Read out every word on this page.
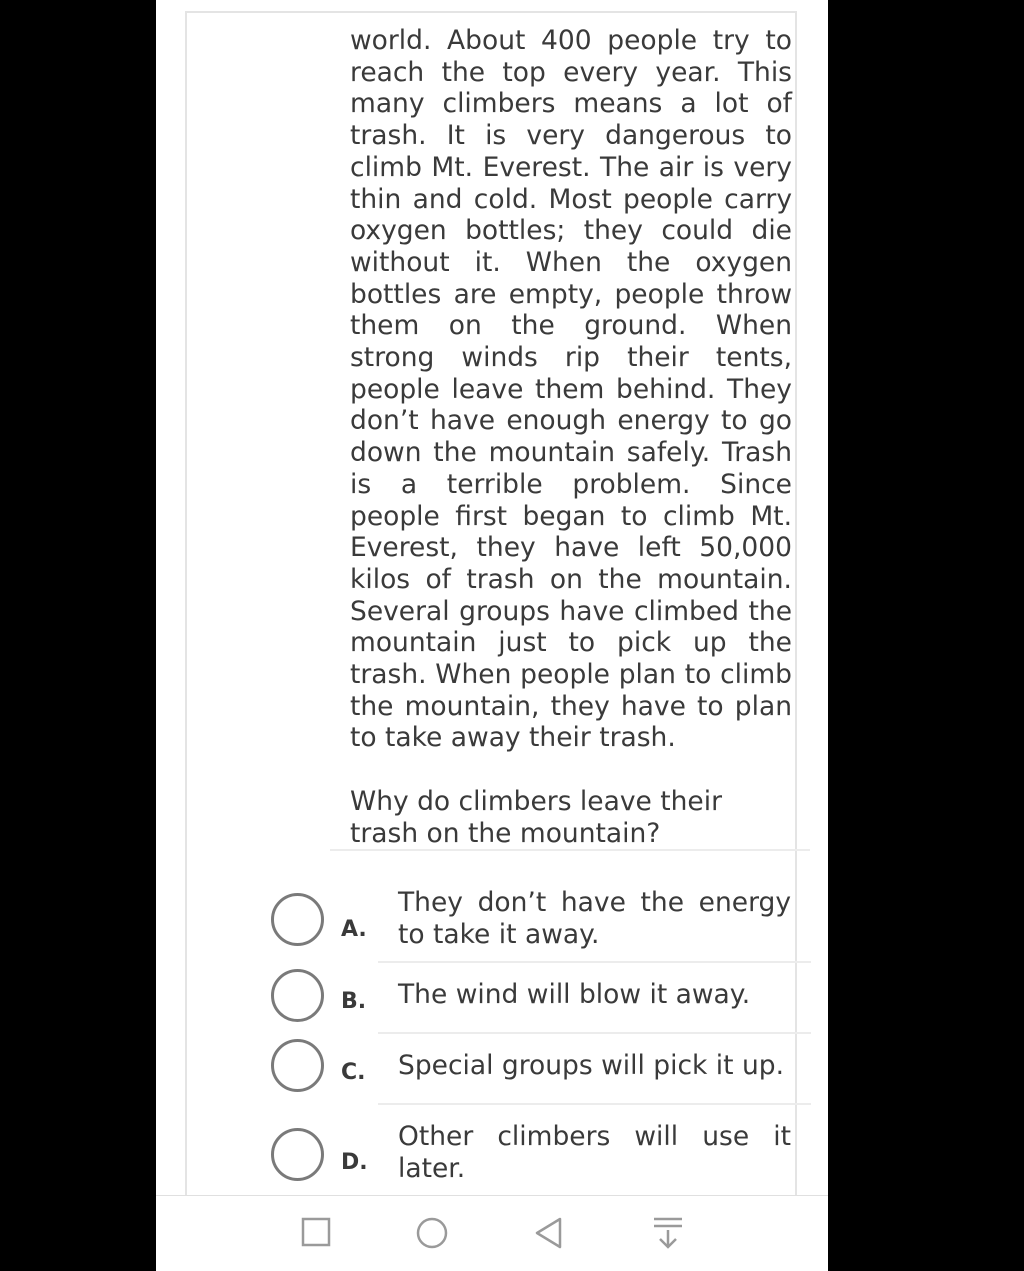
world. About 400 people try to reach the top every year. This many climbers means a lot of trash. It is very dangerous to climb Mt. Everest. The air is very thin and cold. Most people carry oxygen bottles; they could die without it. When the oxygen bottles are empty, people throw them on the ground. When strong winds rip their tents, people leave them behind. They don’t have enough energy to go down the mountain safely. Trash is a terrible problem. Since people first began to climb Mt. Everest, they have left 50,000 kilos of trash on the mountain. Several groups have climbed the mountain just to pick up the trash. When people plan to climb the mountain, they have to plan to take away their trash.
Why do climbers leave their trash on the mountain?
A.
They don’t have the energy to take it away.
B. The wind will blow it away.
C. Special groups will pick it up.
D.
Other climbers will use it later.
